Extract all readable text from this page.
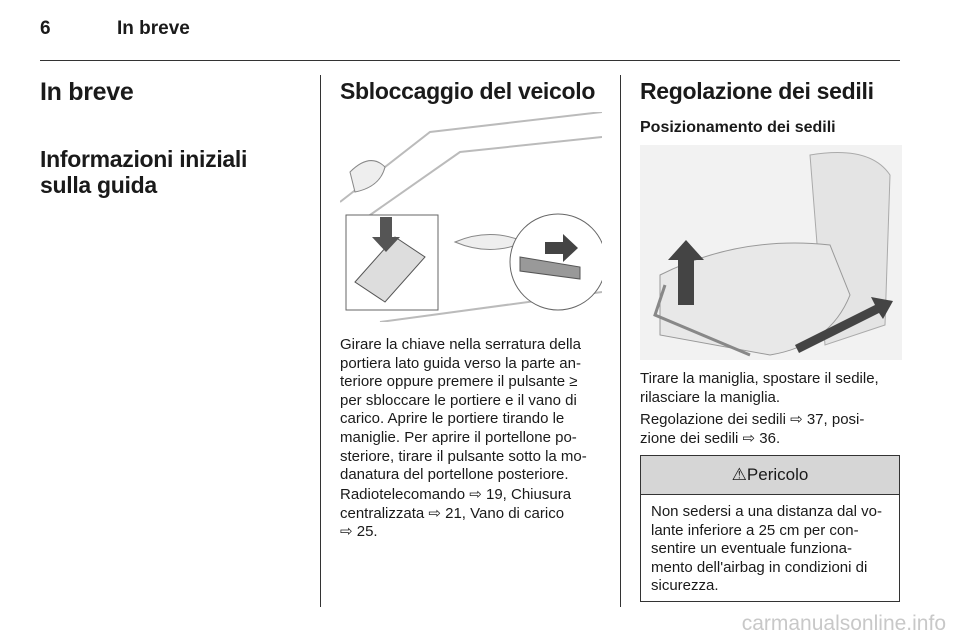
6	In breve
In breve
Informazioni iniziali
sulla guida
Sbloccaggio del veicolo
Girare la chiave nella serratura della
portiera lato guida verso la parte an-
teriore oppure premere il pulsante ≥
per sbloccare le portiere e il vano di
carico. Aprire le portiere tirando le
maniglie. Per aprire il portellone po-
steriore, tirare il pulsante sotto la mo-
danatura del portellone posteriore.
Radiotelecomando ⇨ 19, Chiusura
centralizzata ⇨ 21, Vano di carico
⇨ 25.
Regolazione dei sedili
Posizionamento dei sedili
Tirare la maniglia, spostare il sedile,
rilasciare la maniglia.
Regolazione dei sedili ⇨ 37, posi-
zione dei sedili ⇨ 36.
⚠Pericolo
Non sedersi a una distanza dal vo-
lante inferiore a 25 cm per con-
sentire un eventuale funziona-
mento dell'airbag in condizioni di
sicurezza.
carmanualsonline.info
